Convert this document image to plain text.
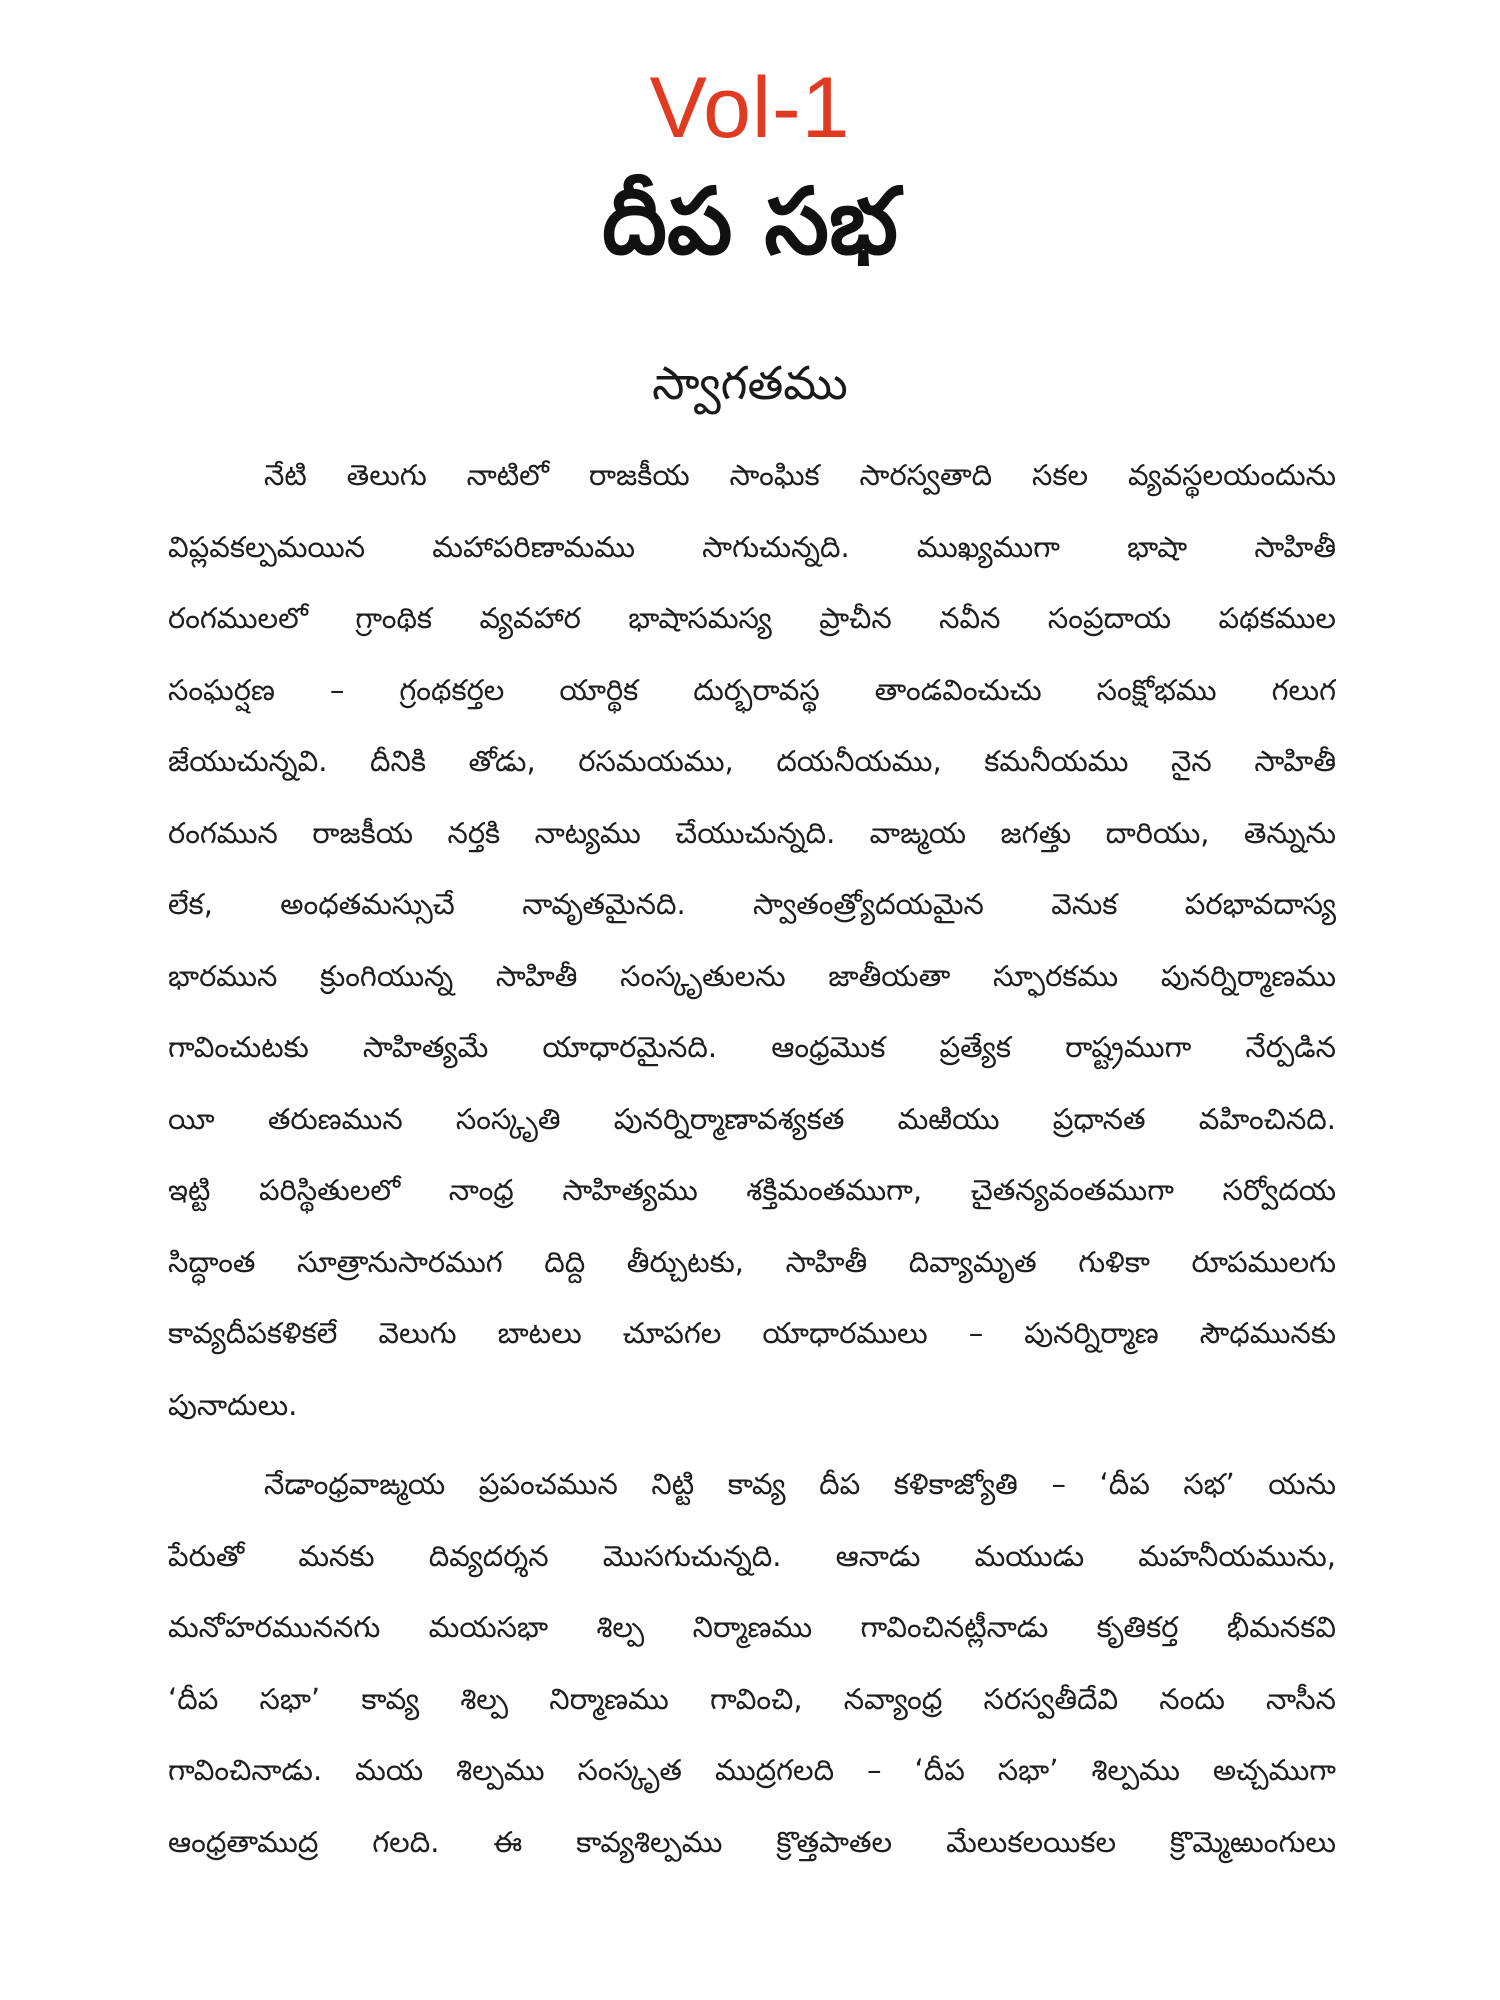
Vol-1
దీప సభ
స్వాగతము
నేటి తెలుగు నాటిలో రాజకీయ సాంఘిక సారస్వతాది సకల వ్యవస్థలయందును
విప్లవకల్పమయిన మహాపరిణామము సాగుచున్నది. ముఖ్యముగా భాషా సాహితీ
రంగములలో గ్రాంథిక వ్యవహార భాషాసమస్య ప్రాచీన నవీన సంప్రదాయ పథకముల
సంఘర్షణ – గ్రంథకర్తల యార్థిక దుర్భరావస్థ తాండవించుచు సంక్షోభము గలుగ
జేయుచున్నవి. దీనికి తోడు, రసమయము, దయనీయము, కమనీయము నైన సాహితీ
రంగమున రాజకీయ నర్తకి నాట్యము చేయుచున్నది. వాఙ్మయ జగత్తు దారియు, తెన్నును
లేక, అంధతమస్సుచే నావృతమైనది. స్వాతంత్ర్యోదయమైన వెనుక పరభావదాస్య
భారమున క్రుంగియున్న సాహితీ సంస్కృతులను జాతీయతా స్ఫూరకము పునర్నిర్మాణము
గావించుటకు సాహిత్యమే యాధారమైనది. ఆంధ్రమొక ప్రత్యేక రాష్ట్రముగా నేర్పడిన
యీ తరుణమున సంస్కృతి పునర్నిర్మాణావశ్యకత మఱియు ప్రధానత వహించినది.
ఇట్టి పరిస్థితులలో నాంధ్ర సాహిత్యము శక్తిమంతముగా, చైతన్యవంతముగా సర్వోదయ
సిద్ధాంత సూత్రానుసారముగ దిద్ది తీర్చుటకు, సాహితీ దివ్యామృత గుళికా రూపములగు
కావ్యదీపకళికలే వెలుగు బాటలు చూపగల యాధారములు – పునర్నిర్మాణ సౌధమునకు
పునాదులు.
నేడాంధ్రవాఙ్మయ ప్రపంచమున నిట్టి కావ్య దీప కళికాజ్యోతి – ‘దీప సభ’ యను
పేరుతో మనకు దివ్యదర్శన మొసగుచున్నది. ఆనాడు మయుడు మహనీయమును,
మనోహరముననగు మయసభా శిల్ప నిర్మాణము గావించినట్లీనాడు కృతికర్త భీమనకవి
‘దీప సభా’ కావ్య శిల్ప నిర్మాణము గావించి, నవ్యాంధ్ర సరస్వతీదేవి నందు నాసీన
గావించినాడు. మయ శిల్పము సంస్కృత ముద్రగలది – ‘దీప సభా’ శిల్పము అచ్చముగా
ఆంధ్రతాముద్ర గలది. ఈ కావ్యశిల్పము క్రొత్తపాతల మేలుకలయికల క్రొమ్మెఱుంగులు
